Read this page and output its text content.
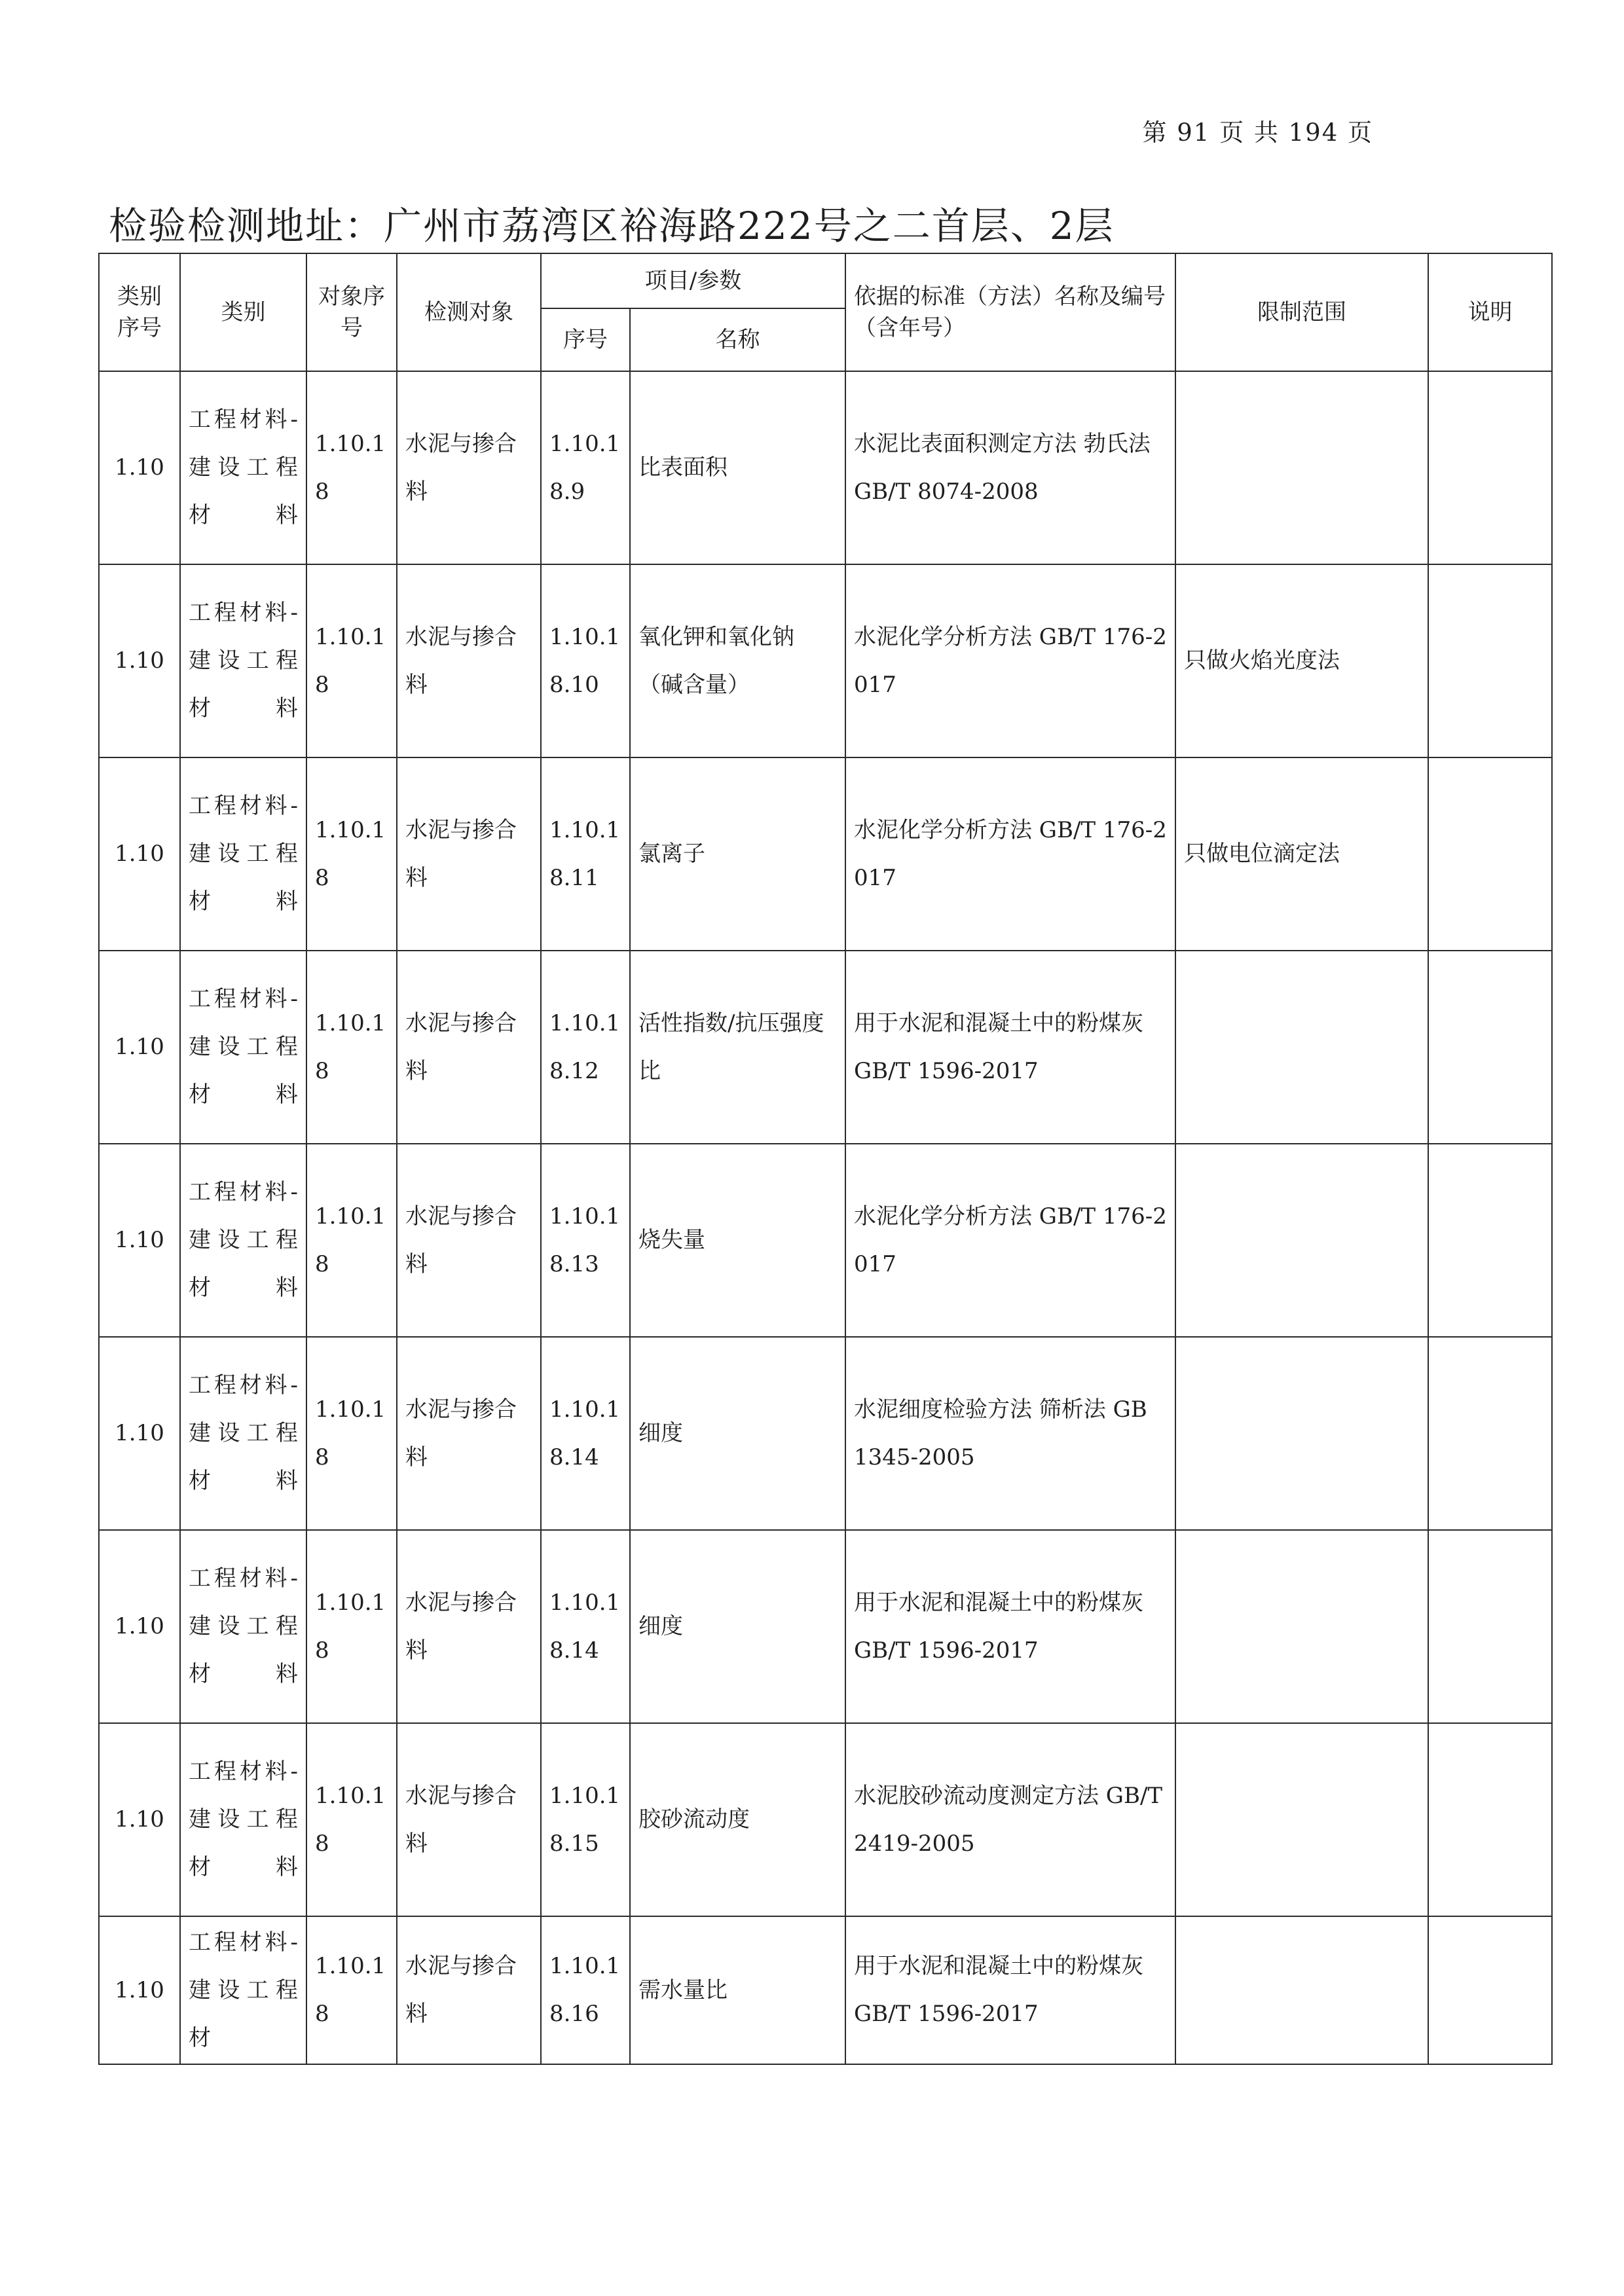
第 91 页 共 194 页
检验检测地址：广州市荔湾区裕海路222号之二首层、2层
类别序号	类别	对象序号	检测对象	项目/参数		依据的标准（方法）名称及编号（含年号）	限制范围	说明
				序号	名称			
1.10	工程材料-建设工程材料	1.10.18	水泥与掺合料	1.10.18.9	比表面积	水泥比表面积测定方法 勃氏法 GB/T 8074-2008		
1.10	工程材料-建设工程材料	1.10.18	水泥与掺合料	1.10.18.10	氧化钾和氧化钠（碱含量）	水泥化学分析方法 GB/T 176-2017	只做火焰光度法	
1.10	工程材料-建设工程材料	1.10.18	水泥与掺合料	1.10.18.11	氯离子	水泥化学分析方法 GB/T 176-2017	只做电位滴定法	
1.10	工程材料-建设工程材料	1.10.18	水泥与掺合料	1.10.18.12	活性指数/抗压强度比	用于水泥和混凝土中的粉煤灰 GB/T 1596-2017		
1.10	工程材料-建设工程材料	1.10.18	水泥与掺合料	1.10.18.13	烧失量	水泥化学分析方法 GB/T 176-2017		
1.10	工程材料-建设工程材料	1.10.18	水泥与掺合料	1.10.18.14	细度	水泥细度检验方法 筛析法 GB 1345-2005		
1.10	工程材料-建设工程材料	1.10.18	水泥与掺合料	1.10.18.14	细度	用于水泥和混凝土中的粉煤灰 GB/T 1596-2017		
1.10	工程材料-建设工程材料	1.10.18	水泥与掺合料	1.10.18.15	胶砂流动度	水泥胶砂流动度测定方法 GB/T 2419-2005		
1.10	工程材料-建设工程材	1.10.18	水泥与掺合料	1.10.18.16	需水量比	用于水泥和混凝土中的粉煤灰 GB/T 1596-2017		
